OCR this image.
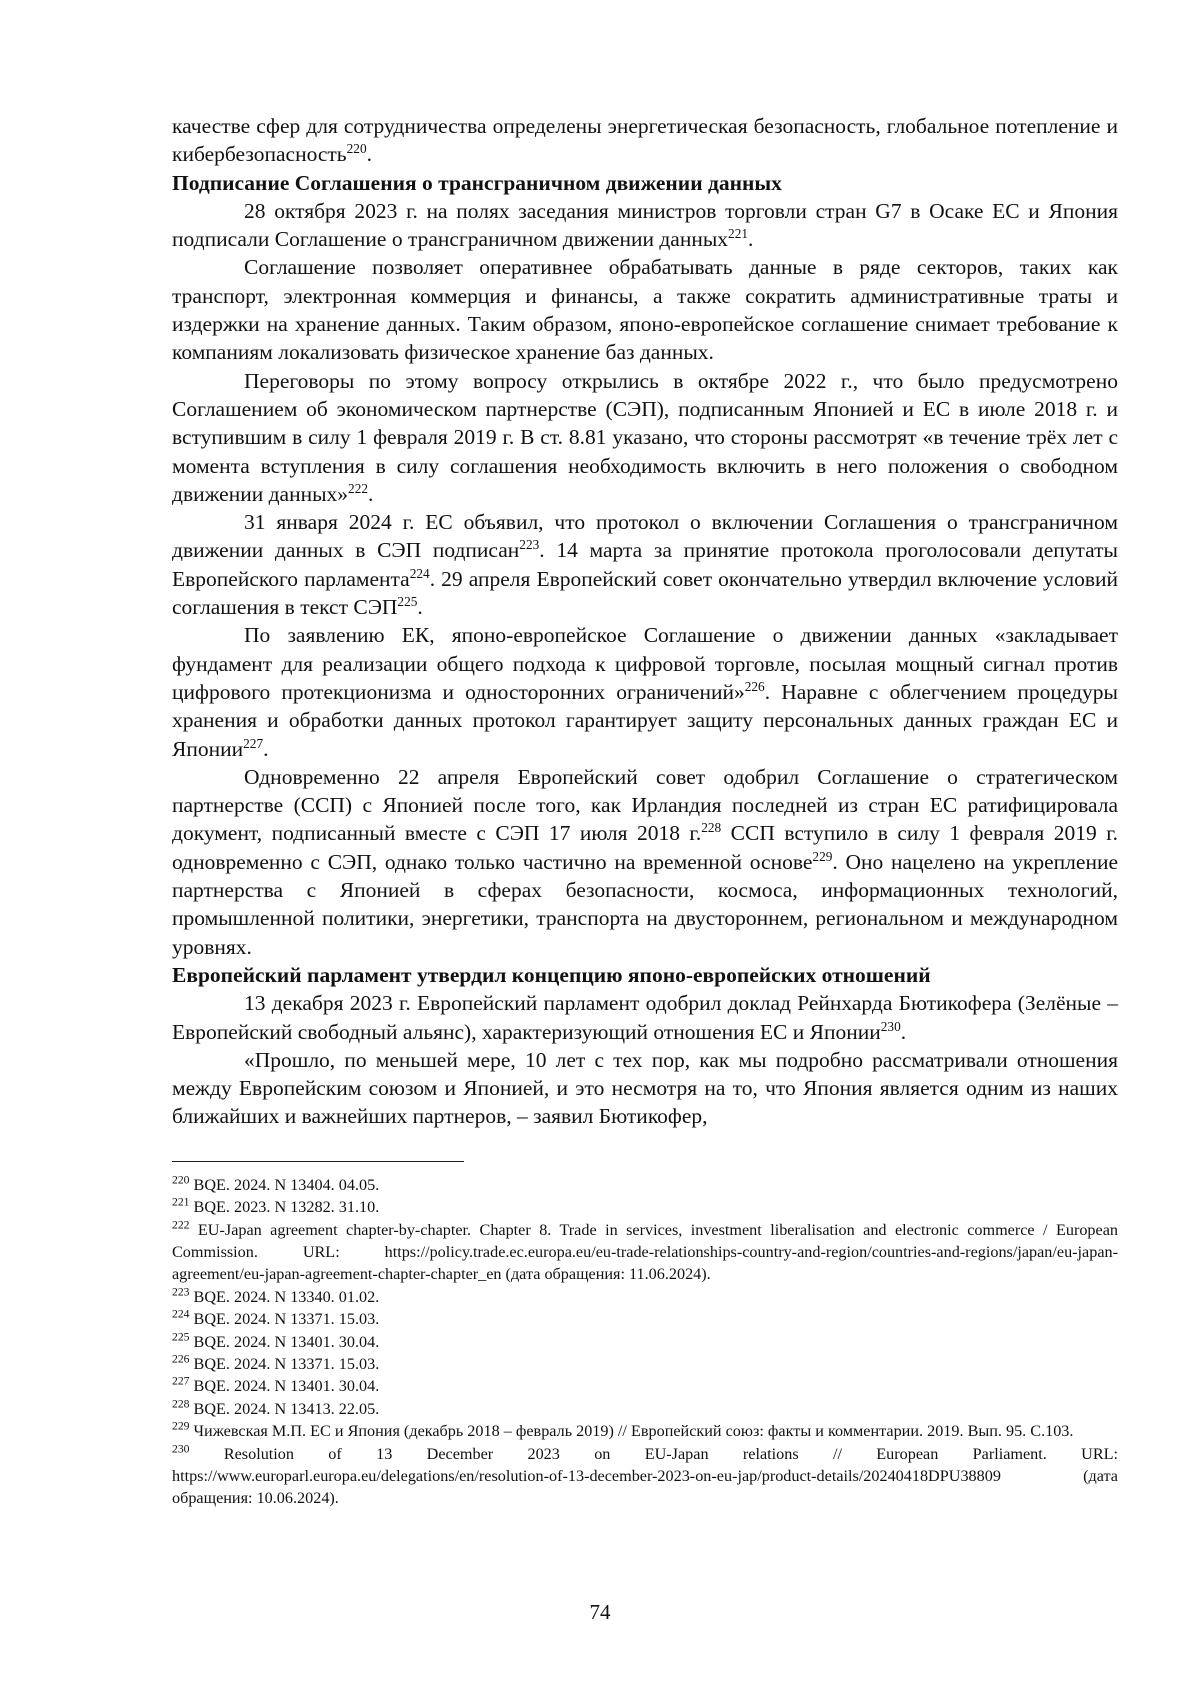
качестве сфер для сотрудничества определены энергетическая безопасность, глобальное потепление и кибербезопасность$^{220}$.

Подписание Соглашения о трансграничном движении данных

28 октября 2023 г. на полях заседания министров торговли стран G7 в Осаке ЕС и Япония подписали Соглашение о трансграничном движении данных$^{221}$.

Соглашение позволяет оперативнее обрабатывать данные в ряде секторов, таких как транспорт, электронная коммерция и финансы, а также сократить административные траты и издержки на хранение данных. Таким образом, японо-европейское соглашение снимает требование к компаниям локализовать физическое хранение баз данных.

Переговоры по этому вопросу открылись в октябре 2022 г., что было предусмотрено Соглашением об экономическом партнерстве (СЭП), подписанным Японией и ЕС в июле 2018 г. и вступившим в силу 1 февраля 2019 г. В ст. 8.81 указано, что стороны рассмотрят «в течение трёх лет с момента вступления в силу соглашения необходимость включить в него положения о свободном движении данных»$^{222}$.

31 января 2024 г. ЕС объявил, что протокол о включении Соглашения о трансграничном движении данных в СЭП подписан$^{223}$. 14 марта за принятие протокола проголосовали депутаты Европейского парламента$^{224}$. 29 апреля Европейский совет окончательно утвердил включение условий соглашения в текст СЭП$^{225}$.

По заявлению ЕК, японо-европейское Соглашение о движении данных «закладывает фундамент для реализации общего подхода к цифровой торговле, посылая мощный сигнал против цифрового протекционизма и односторонних ограничений»$^{226}$. Наравне с облегчением процедуры хранения и обработки данных протокол гарантирует защиту персональных данных граждан ЕС и Японии$^{227}$.

Одновременно 22 апреля Европейский совет одобрил Соглашение о стратегическом партнерстве (ССП) с Японией после того, как Ирландия последней из стран ЕС ратифицировала документ, подписанный вместе с СЭП 17 июля 2018 г.$^{228}$ ССП вступило в силу 1 февраля 2019 г. одновременно с СЭП, однако только частично на временной основе$^{229}$. Оно нацелено на укрепление партнерства с Японией в сферах безопасности, космоса, информационных технологий, промышленной политики, энергетики, транспорта на двустороннем, региональном и международном уровнях.

Европейский парламент утвердил концепцию японо-европейских отношений

13 декабря 2023 г. Европейский парламент одобрил доклад Рейнхарда Бютикофера (Зелёные – Европейский свободный альянс), характеризующий отношения ЕС и Японии$^{230}$.

«Прошло, по меньшей мере, 10 лет с тех пор, как мы подробно рассматривали отношения между Европейским союзом и Японией, и это несмотря на то, что Япония является одним из наших ближайших и важнейших партнеров, – заявил Бютикофер,

$^{220}$ BQE. 2024. N 13404. 04.05.

$^{221}$ BQE. 2023. N 13282. 31.10.

$^{222}$ EU-Japan agreement chapter-by-chapter. Chapter 8. Trade in services, investment liberalisation and electronic commerce / European Commission. URL: https://policy.trade.ec.europa.eu/eu-trade-relationships-country-and-region/countries-and-regions/japan/eu-japan-agreement/eu-japan-agreement-chapter-chapter_en (дата обращения: 11.06.2024).

$^{223}$ BQE. 2024. N 13340. 01.02.

$^{224}$ BQE. 2024. N 13371. 15.03.

$^{225}$ BQE. 2024. N 13401. 30.04.

$^{226}$ BQE. 2024. N 13371. 15.03.

$^{227}$ BQE. 2024. N 13401. 30.04.

$^{228}$ BQE. 2024. N 13413. 22.05.

$^{229}$ Чижевская М.П. ЕС и Япония (декабрь 2018 – февраль 2019) // Европейский союз: факты и комментарии. 2019. Вып. 95. С.103.

$^{230}$ Resolution of 13 December 2023 on EU-Japan relations // European Parliament. URL:

https://www.europarl.europa.eu/delegations/en/resolution-of-13-december-2023-on-eu-jap/product-details/20240418DPU38809 (дата обращения: 10.06.2024).

74
